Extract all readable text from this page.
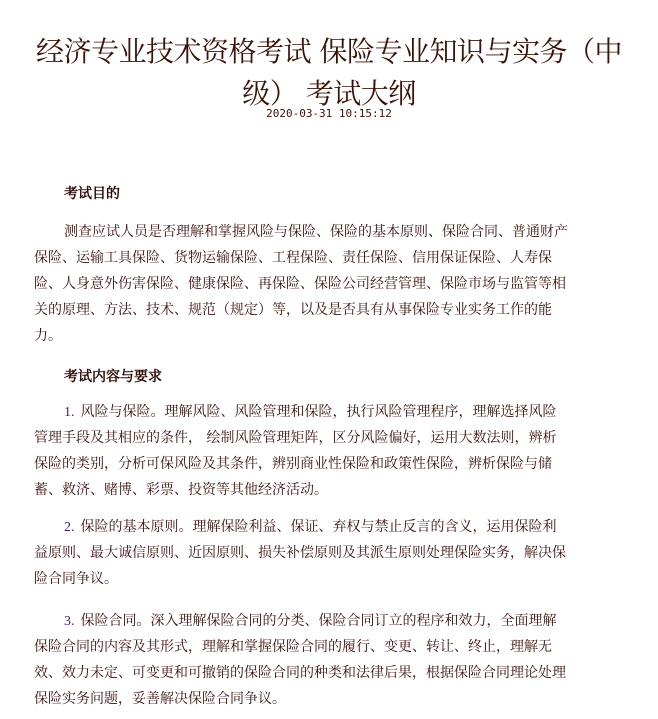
经济专业技术资格考试 保险专业知识与实务（中
级） 考试大纲
2020-03-31 10:15:12
考试目的
测查应试人员是否理解和掌握风险与保险、保险的基本原则、保险合同、普通财产
保险、运输工具保险、货物运输保险、工程保险、责任保险、信用保证保险、人寿保
险、人身意外伤害保险、健康保险、再保险、保险公司经营管理、保险市场与监管等相
关的原理、方法、技术、规范（规定）等，以及是否具有从事保险专业实务工作的能
力。
考试内容与要求
1. 风险与保险。理解风险、风险管理和保险，执行风险管理程序，理解选择风险
管理手段及其相应的条件， 绘制风险管理矩阵，区分风险偏好，运用大数法则，辨析
保险的类别，分析可保风险及其条件，辨别商业性保险和政策性保险，辨析保险与储
蓄、救济、赌博、彩票、投资等其他经济活动。
2. 保险的基本原则。理解保险利益、保证、弃权与禁止反言的含义，运用保险利
益原则、最大诚信原则、近因原则、损失补偿原则及其派生原则处理保险实务，解决保
险合同争议。
3. 保险合同。深入理解保险合同的分类、保险合同订立的程序和效力，全面理解
保险合同的内容及其形式，理解和掌握保险合同的履行、变更、转让、终止，理解无
效、效力未定、可变更和可撤销的保险合同的种类和法律后果，根据保险合同理论处理
保险实务问题，妥善解决保险合同争议。
